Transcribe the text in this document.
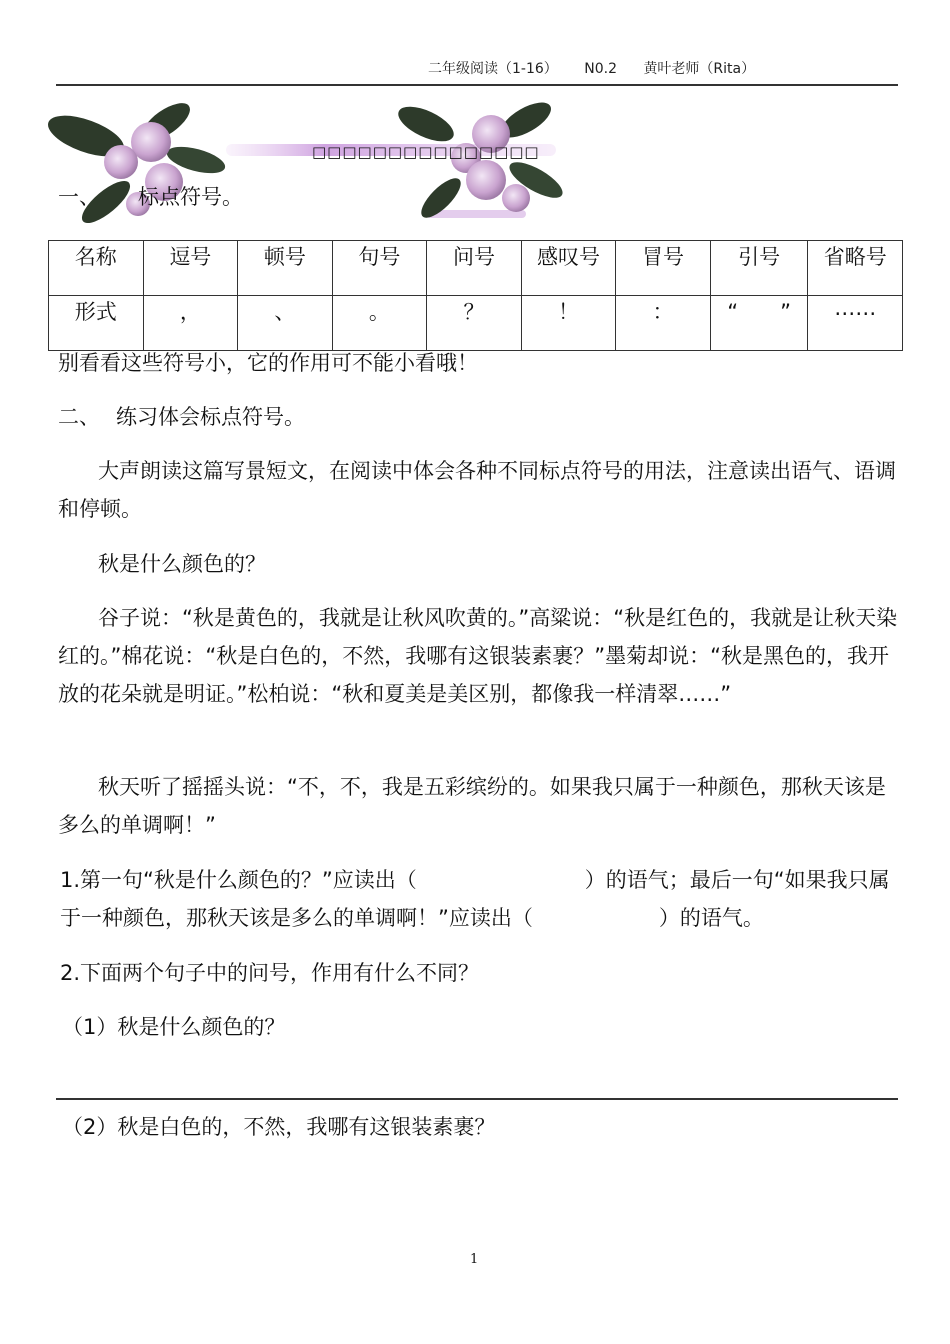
二年级阅读（1-16） N0.2 黄叶老师（Rita）
□□□□□□□□□□□□□□□
一、 标点符号。
名称	逗号	顿号	句号	问号	感叹号	冒号	引号	省略号
形式	，	、	。	？	！	：	“　　”	……
别看看这些符号小，它的作用可不能小看哦！
二、 练习体会标点符号。
大声朗读这篇写景短文，在阅读中体会各种不同标点符号的用法，注意读出语气、语调和停顿。
秋是什么颜色的？
谷子说：“秋是黄色的，我就是让秋风吹黄的。”高粱说：“秋是红色的，我就是让秋天染红的。”棉花说：“秋是白色的，不然，我哪有这银装素裹？”墨菊却说：“秋是黑色的，我开放的花朵就是明证。”松柏说：“秋和夏美是美区别，都像我一样清翠……”
秋天听了摇摇头说：“不，不，我是五彩缤纷的。如果我只属于一种颜色，那秋天该是多么的单调啊！”
1.第一句“秋是什么颜色的？”应读出（　　　　　　　　）的语气；最后一句“如果我只属于一种颜色，那秋天该是多么的单调啊！”应读出（　　　　　　）的语气。
2.下面两个句子中的问号，作用有什么不同？
（1）秋是什么颜色的？
（2）秋是白色的，不然，我哪有这银装素裹？
1
